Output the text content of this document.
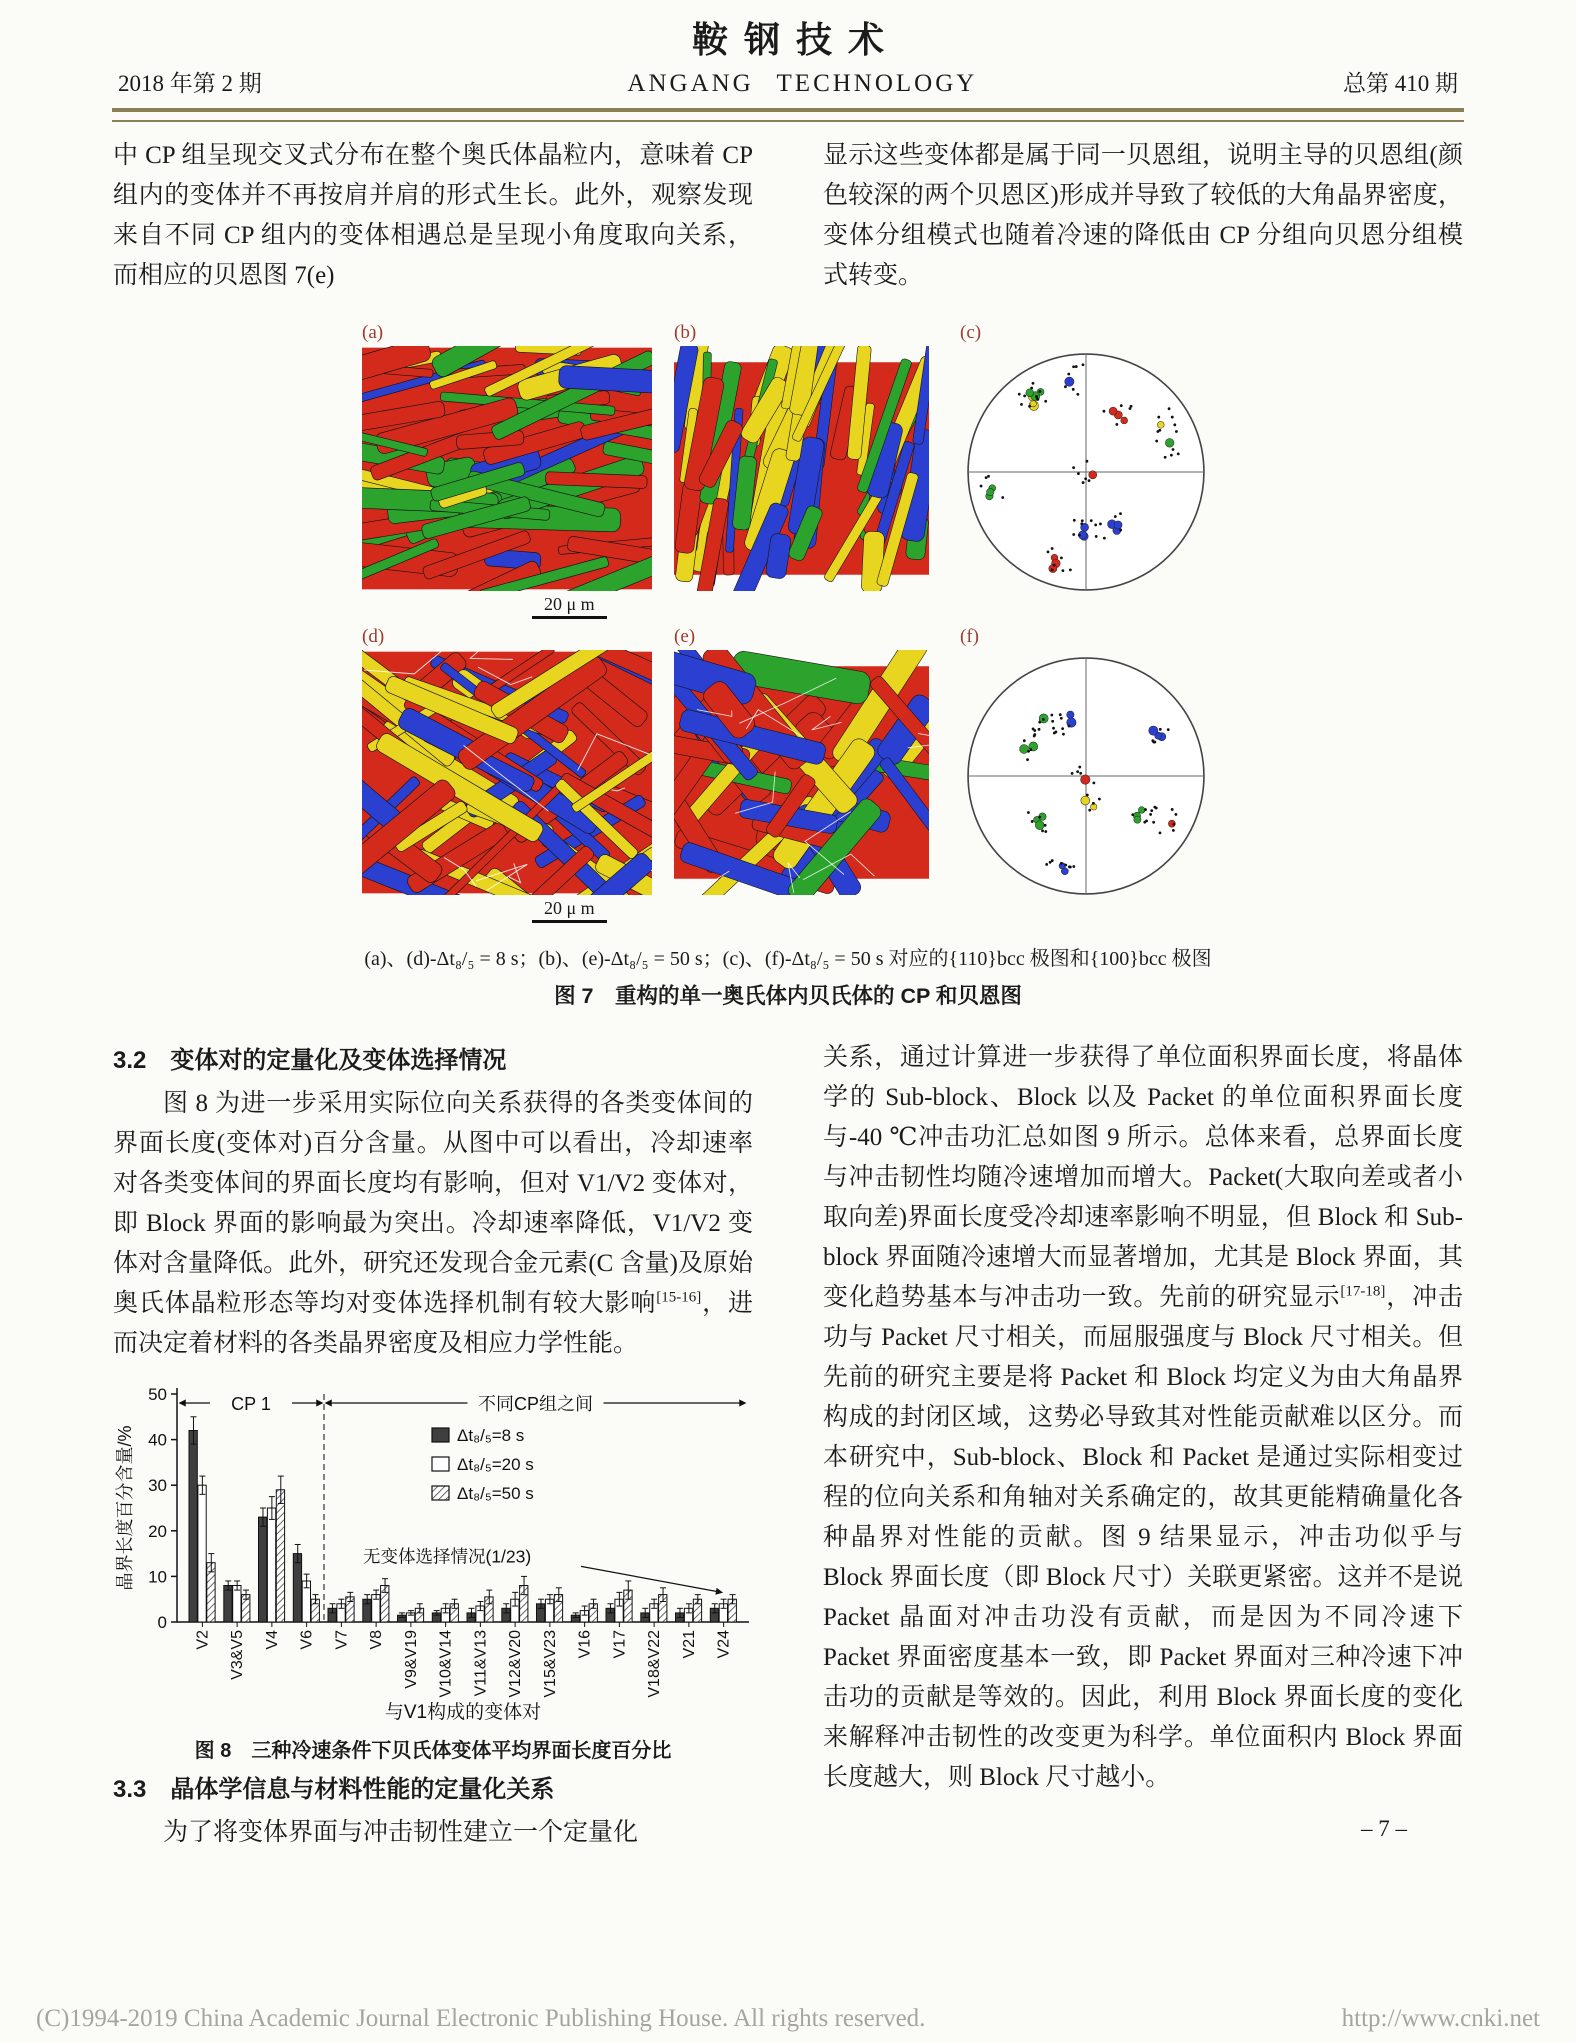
鞍钢技术
2018 年第 2 期	ANGANG TECHNOLOGY	总第 410 期

中 CP 组呈现交叉式分布在整个奥氏体晶粒内，意味着 CP 组内的变体并不再按肩并肩的形式生长。此外，观察发现来自不同 CP 组内的变体相遇总是呈现小角度取向关系，而相应的贝恩图 7(e)

显示这些变体都是属于同一贝恩组，说明主导的贝恩组(颜色较深的两个贝恩区)形成并导致了较低的大角晶界密度，变体分组模式也随着冷速的降低由 CP 分组向贝恩分组模式转变。

(a)	(b)	(c)
20 μ m
(d)	(e)	(f)
20 μ m
(a)、(d)-Δt₈/₅ = 8 s；(b)、(e)-Δt₈/₅ = 50 s；(c)、(f)-Δt₈/₅ = 50 s 对应的{110}bcc 极图和{100}bcc 极图
图 7　重构的单一奥氏体内贝氏体的 CP 和贝恩图
3.2　变体对的定量化及变体选择情况

图 8 为进一步采用实际位向关系获得的各类变体间的界面长度(变体对)百分含量。从图中可以看出，冷却速率对各类变体间的界面长度均有影响，但对 V1/V2 变体对，即 Block 界面的影响最为突出。冷却速率降低，V1/V2 变体对含量降低。此外，研究还发现合金元素(C 含量)及原始奥氏体晶粒形态等均对变体选择机制有较大影响[15-16]，进而决定着材料的各类晶界密度及相应力学性能。

0
10
20
30
40
50
晶界长度百分含量/%
V2 V3&V5 V4 V6 V7 V8 V9&V19 V10&V14 V11&V13 V12&V20 V15&V23 V16 V17 V18&V22 V21 V24
CP 1	不同CP组之间
Δt₈/₅=8 s
Δt₈/₅=20 s
Δt₈/₅=50 s
无变体选择情况(1/23)
与V1构成的变体对
图 8　三种冷速条件下贝氏体变体平均界面长度百分比
3.3　晶体学信息与材料性能的定量化关系

为了将变体界面与冲击韧性建立一个定量化

关系，通过计算进一步获得了单位面积界面长度，将晶体学的 Sub-block、Block 以及 Packet 的单位面积界面长度与-40 ℃冲击功汇总如图 9 所示。总体来看，总界面长度与冲击韧性均随冷速增加而增大。Packet(大取向差或者小取向差)界面长度受冷却速率影响不明显，但 Block 和 Sub-block 界面随冷速增大而显著增加，尤其是 Block 界面，其变化趋势基本与冲击功一致。先前的研究显示[17-18]，冲击功与 Packet 尺寸相关，而屈服强度与 Block 尺寸相关。但先前的研究主要是将 Packet 和 Block 均定义为由大角晶界构成的封闭区域，这势必导致其对性能贡献难以区分。而本研究中，Sub-block、Block 和 Packet 是通过实际相变过程的位向关系和角轴对关系确定的，故其更能精确量化各种晶界对性能的贡献。图 9 结果显示，冲击功似乎与 Block 界面长度（即 Block 尺寸）关联更紧密。这并不是说 Packet 晶面对冲击功没有贡献，而是因为不同冷速下 Packet 界面密度基本一致，即 Packet 界面对三种冷速下冲击功的贡献是等效的。因此，利用 Block 界面长度的变化来解释冲击韧性的改变更为科学。单位面积内 Block 界面长度越大，则 Block 尺寸越小。

– 7 –
(C)1994-2019 China Academic Journal Electronic Publishing House. All rights reserved.	http://www.cnki.net
